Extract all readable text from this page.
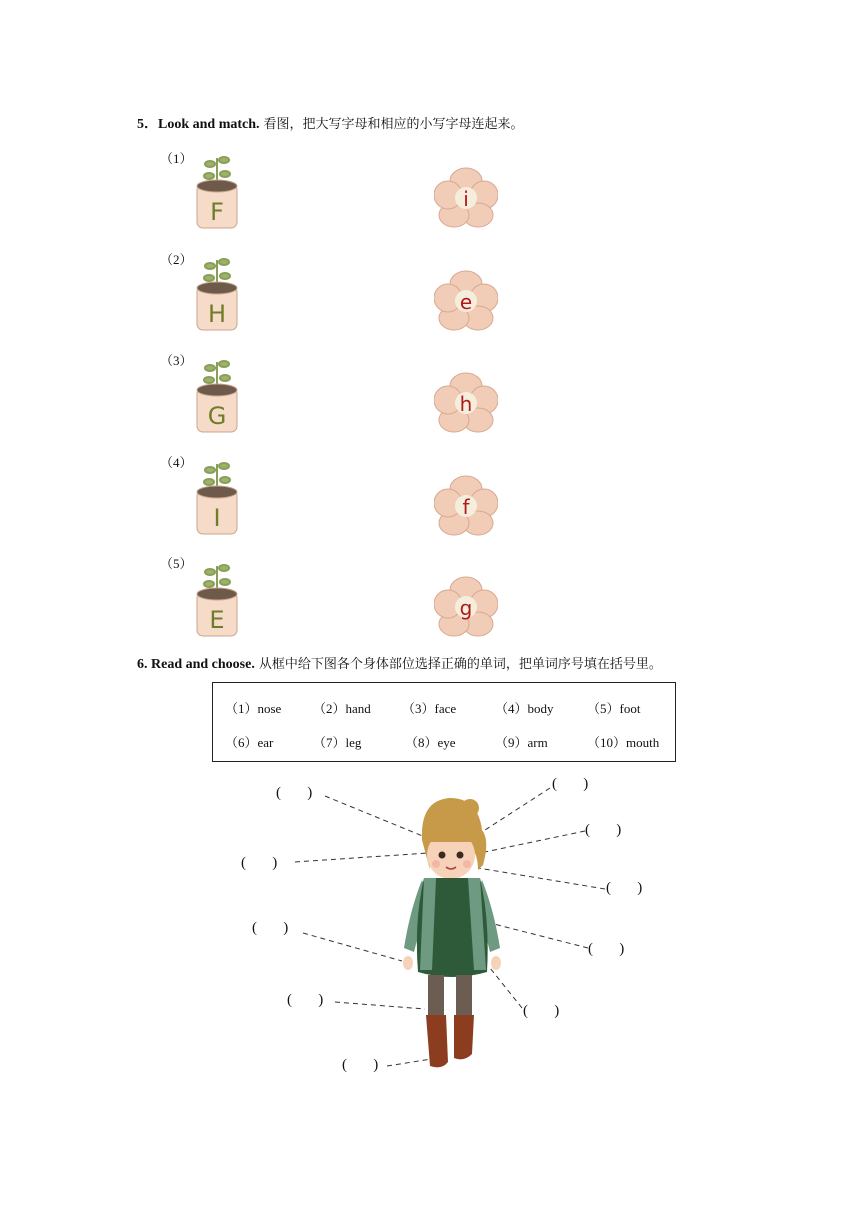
5．Look and match. 看图，把大写字母和相应的小写字母连起来。
（1）
（2）
（3）
（4）
（5）
F
H
G
I
E
i
e
h
f
g
6. Read and choose. 从框中给下图各个身体部位选择正确的单词，把单词序号填在括号里。
（1）nose （2）hand （3）face	（4）body	（5）foot
（6）ear	（7）leg	（8）eye	（9）arm	（10）mouth
(       )
(       )
(       )
(       )
(       )
(       )
(       )
(       )
(       )
(       )
